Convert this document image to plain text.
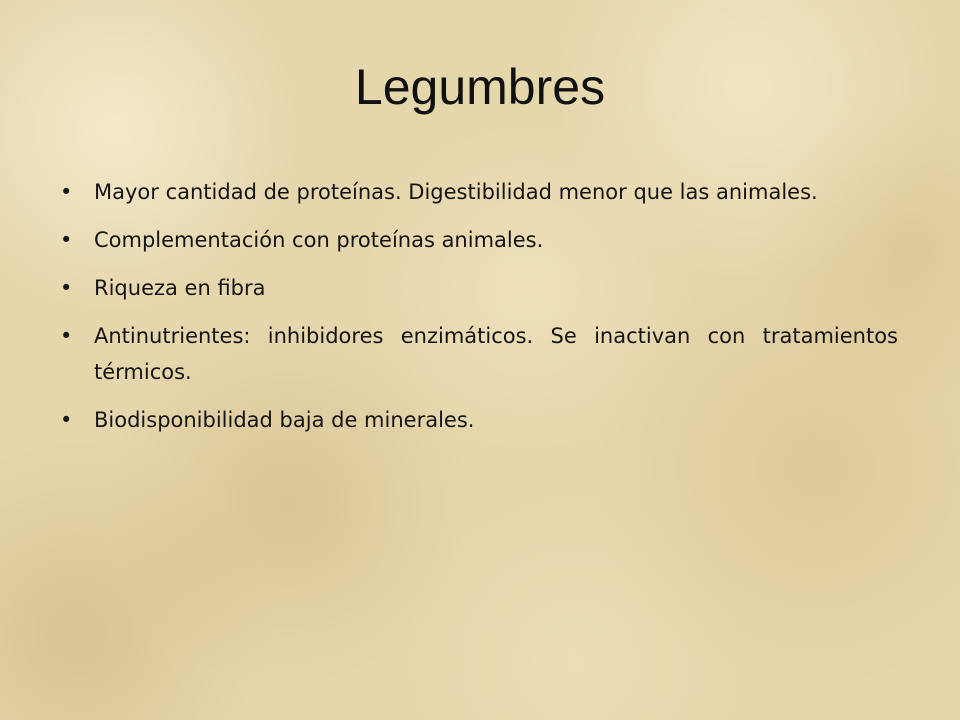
Legumbres
• Mayor cantidad de proteínas. Digestibilidad menor que las animales.
• Complementación con proteínas animales.
• Riqueza en fibra
• Antinutrientes: inhibidores enzimáticos. Se inactivan con tratamientos térmicos.
• Biodisponibilidad baja de minerales.
